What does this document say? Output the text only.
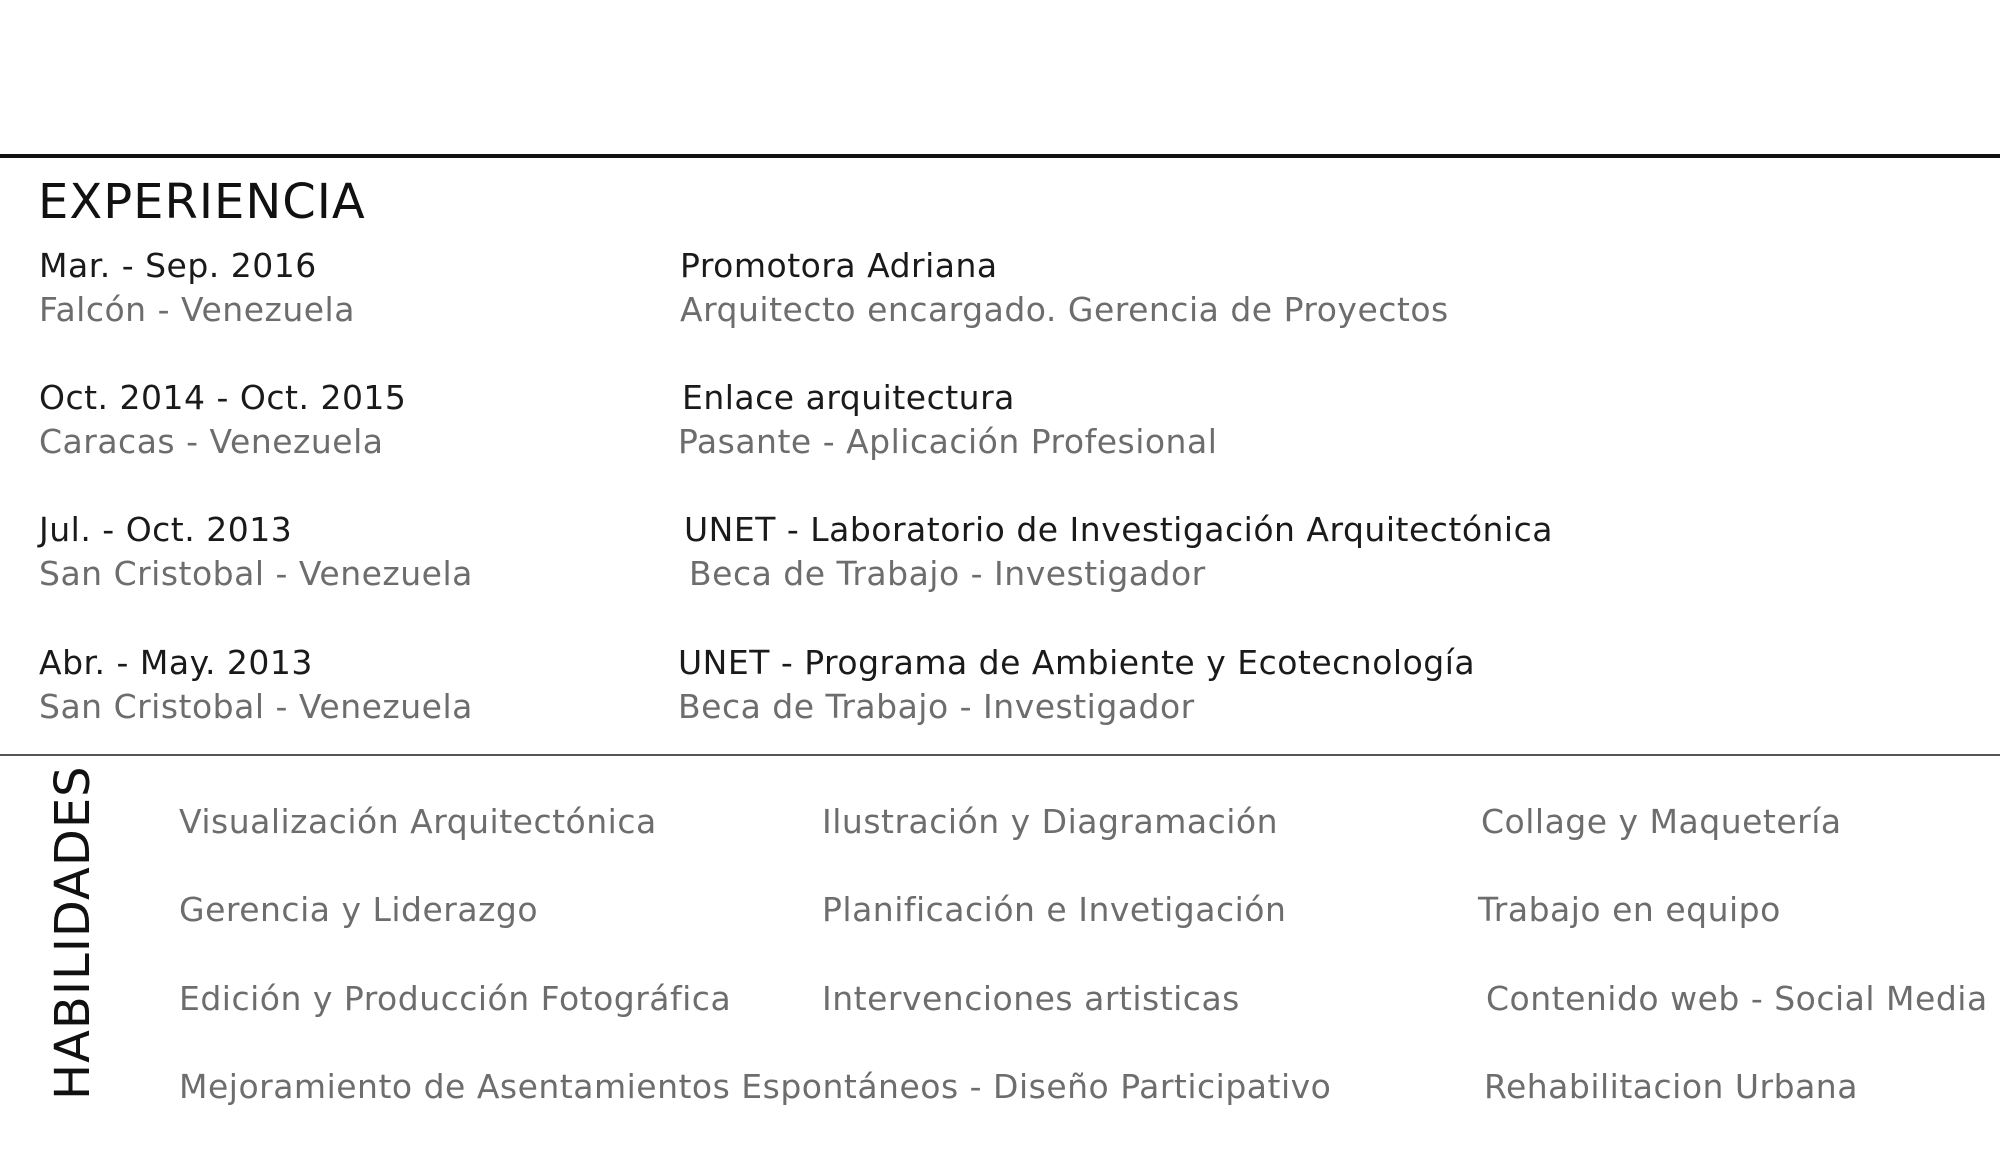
EXPERIENCIA
Mar. - Sep. 2016
Falcón - Venezuela
Promotora Adriana
Arquitecto encargado. Gerencia de Proyectos
Oct. 2014 - Oct. 2015
Caracas - Venezuela
Enlace arquitectura
Pasante - Aplicación Profesional
Jul. - Oct. 2013
San Cristobal - Venezuela
UNET - Laboratorio de Investigación Arquitectónica
Beca de Trabajo - Investigador
Abr. - May. 2013
San Cristobal - Venezuela
UNET - Programa de Ambiente y Ecotecnología
Beca de Trabajo - Investigador
HABILIDADES Visualización Arquitectónica
Gerencia y Liderazgo
Edición y Producción Fotográfica
Mejoramiento de Asentamientos Espontáneos - Diseño Participativo
Ilustración y Diagramación
Planificación e Invetigación
Intervenciones artisticas
Collage y Maquetería
Trabajo en equipo
Contenido web - Social Media
Rehabilitacion Urbana
